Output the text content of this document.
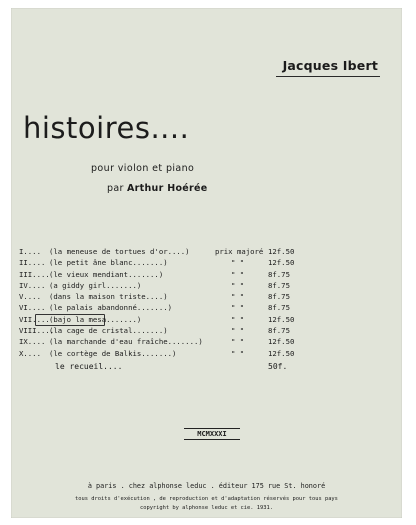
Jacques Ibert
histoires....
pour violon et piano
par Arthur Hoérée
I.... (la meneuse de tortues d'or....)	prix majoré 12f.50
II.... (le petit âne blanc.......)	" "	12f.50
III....(le vieux mendiant.......)	" "	8f.75
IV.... (a giddy girl.......)	" "	8f.75
V.... (dans la maison triste....)	" "	8f.75
VI.... (le palais abandonné.......)	" "	8f.75
VII....(bajo la mesa.......)	" "	12f.50
VIII....(la cage de cristal.......)	" "	8f.75
IX.... (la marchande d'eau fraîche.......)	" "	12f.50
X.... (le cortège de Balkis.......)	" "	12f.50
le recueil....	50f.
MCMXXXI
à paris . chez alphonse leduc . éditeur 175 rue St. honoré
tous droits d'exécution , de reproduction et d'adaptation réservés pour tous pays
copyright by alphonse leduc et cie. 1931.
